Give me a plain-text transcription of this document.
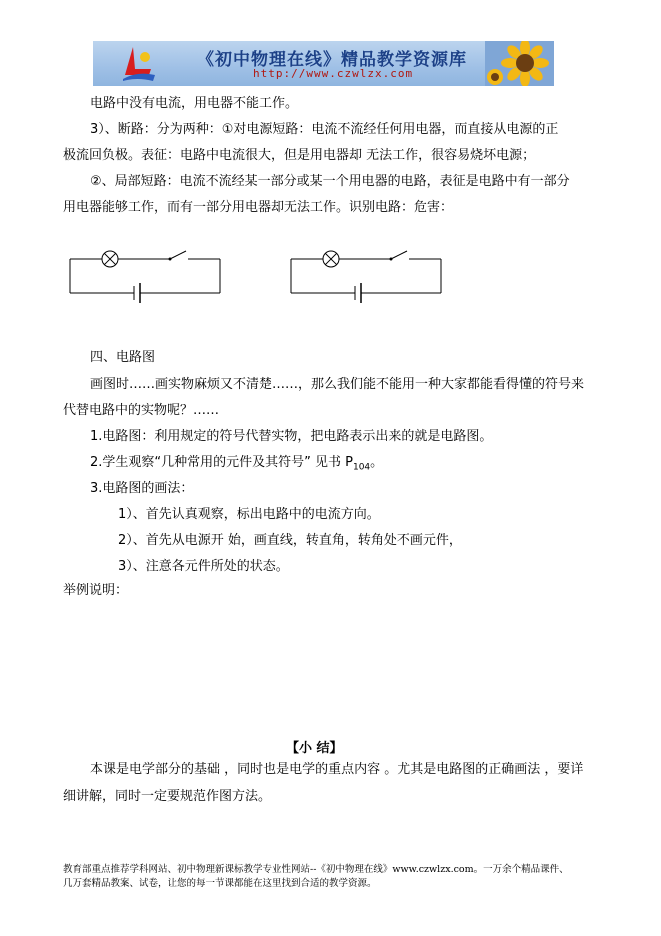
《初中物理在线》精品教学资源库
http://www.czwlzx.com
电路中没有电流，用电器不能工作。
3）、断路：分为两种：①对电源短路：电流不流经任何用电器，而直接从电源的正
极流回负极。表征：电路中电流很大，但是用电器却 无法工作，很容易烧坏电源；
②、局部短路：电流不流经某一部分或某一个用电器的电路，表征是电路中有一部分
用电器能够工作，而有一部分用电器却无法工作。识别电路：危害：
四、电路图
画图时……画实物麻烦又不清楚……，那么我们能不能用一种大家都能看得懂的符号来
代替电路中的实物呢？……
1.电路图：利用规定的符号代替实物，把电路表示出来的就是电路图。
2.学生观察“几种常用的元件及其符号” 见书 $P_{104}$。
3.电路图的画法：
1）、首先认真观察，标出电路中的电流方向。
2）、首先从电源开 始，画直线，转直角，转角处不画元件，
3）、注意各元件所处的状态。
举例说明：
【小 结】
本课是电学部分的基础 ，同时也是电学的重点内容 。尤其是电路图的正确画法 ，要详
细讲解，同时一定要规范作图方法。
教育部重点推荐学科网站、初中物理新课标教学专业性网站--《初中物理在线》www.czwlzx.com。一万余个精品课件、
几万套精品教案、试卷，让您的每一节课都能在这里找到合适的教学资源。
